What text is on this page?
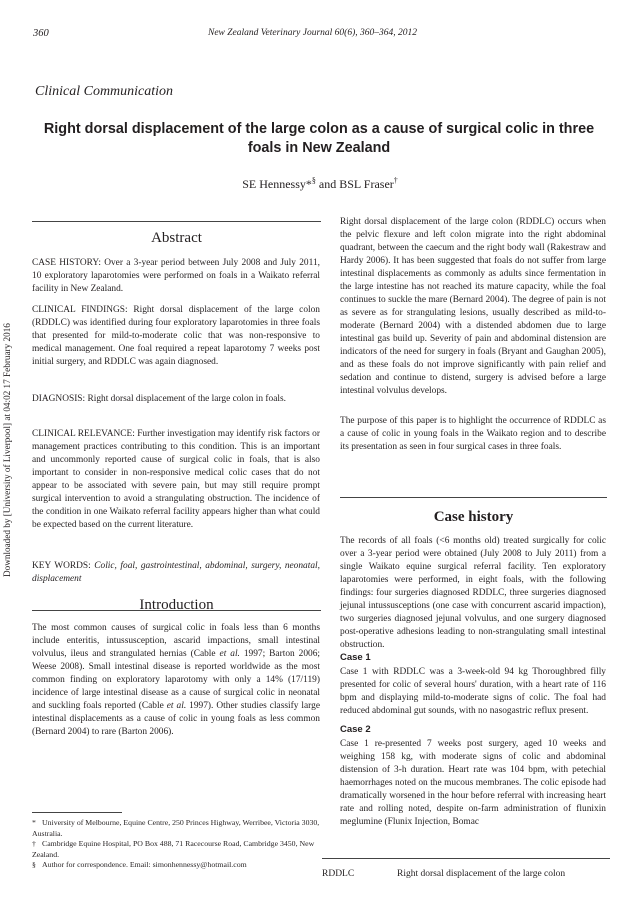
360	New Zealand Veterinary Journal 60(6), 360–364, 2012
Clinical Communication
Right dorsal displacement of the large colon as a cause of surgical colic in three foals in New Zealand
SE Hennessy*§ and BSL Fraser†
Downloaded by [University of Liverpool] at 04:02 17 February 2016
Abstract

CASE HISTORY: Over a 3-year period between July 2008 and July 2011, 10 exploratory laparotomies were performed on foals in a Waikato referral facility in New Zealand.

CLINICAL FINDINGS: Right dorsal displacement of the large colon (RDDLC) was identified during four exploratory laparotomies in three foals that presented for mild-to-moderate colic that was non-responsive to medical management. One foal required a repeat laparotomy 7 weeks post initial surgery, and RDDLC was again diagnosed.

DIAGNOSIS: Right dorsal displacement of the large colon in foals.

CLINICAL RELEVANCE: Further investigation may identify risk factors or management practices contributing to this condition. This is an important and uncommonly reported cause of surgical colic in foals, that is also important to consider in non-responsive medical colic cases that do not appear to be associated with severe pain, but may still require prompt surgical intervention to avoid a strangulating obstruction. The incidence of the condition in one Waikato referral facility appears higher than what could be expected based on the current literature.

KEY WORDS: Colic, foal, gastrointestinal, abdominal, surgery, neonatal, displacement

Introduction

The most common causes of surgical colic in foals less than 6 months include enteritis, intussusception, ascarid impactions, small intestinal volvulus, ileus and strangulated hernias (Cable et al. 1997; Barton 2006; Weese 2008). Small intestinal disease is reported worldwide as the most common finding on exploratory laparotomy with only a 14% (17/119) incidence of large intestinal disease as a cause of surgical colic in neonatal and suckling foals reported (Cable et al. 1997). Other studies classify large intestinal displacements as a cause of colic in young foals as less common (Bernard 2004) to rare (Barton 2006).

* University of Melbourne, Equine Centre, 250 Princes Highway, Werribee, Victoria 3030, Australia.
† Cambridge Equine Hospital, PO Box 488, 71 Racecourse Road, Cambridge 3450, New Zealand.
§ Author for correspondence. Email: simonhennessy@hotmail.com

Right dorsal displacement of the large colon (RDDLC) occurs when the pelvic flexure and left colon migrate into the right abdominal quadrant, between the caecum and the right body wall (Rakestraw and Hardy 2006). It has been suggested that foals do not suffer from large intestinal displacements as commonly as adults since fermentation in the large intestine has not reached its mature capacity, while the foal continues to suckle the mare (Bernard 2004). The degree of pain is not as severe as for strangulating lesions, usually described as mild-to-moderate (Bernard 2004) with a distended abdomen due to large intestinal gas build up. Severity of pain and abdominal distension are indicators of the need for surgery in foals (Bryant and Gaughan 2005), and as these foals do not improve significantly with pain relief and sedation and continue to distend, surgery is advised before a large intestinal volvulus develops.

The purpose of this paper is to highlight the occurrence of RDDLC as a cause of colic in young foals in the Waikato region and to describe its presentation as seen in four surgical cases in three foals.

Case history

The records of all foals (<6 months old) treated surgically for colic over a 3-year period were obtained (July 2008 to July 2011) from a single Waikato equine surgical referral facility. Ten exploratory laparotomies were performed, in eight foals, with the following findings: four surgeries diagnosed RDDLC, three surgeries diagnosed jejunal intussusceptions (one case with concurrent ascarid impaction), two surgeries diagnosed jejunal volvulus, and one surgery diagnosed post-operative adhesions leading to non-strangulating small intestinal obstruction.

Case 1

Case 1 with RDDLC was a 3-week-old 94 kg Thoroughbred filly presented for colic of several hours' duration, with a heart rate of 116 bpm and displaying mild-to-moderate signs of colic. The foal had reduced abdominal gut sounds, with no nasogastric reflux present.

Case 2

Case 1 re-presented 7 weeks post surgery, aged 10 weeks and weighing 158 kg, with moderate signs of colic and abdominal distension of 3-h duration. Heart rate was 104 bpm, with petechial haemorrhages noted on the mucous membranes. The colic episode had dramatically worsened in the hour before referral with increasing heart rate and rolling noted, despite on-farm administration of flunixin meglumine (Flunix Injection, Bomac

RDDLC	Right dorsal displacement of the large colon
